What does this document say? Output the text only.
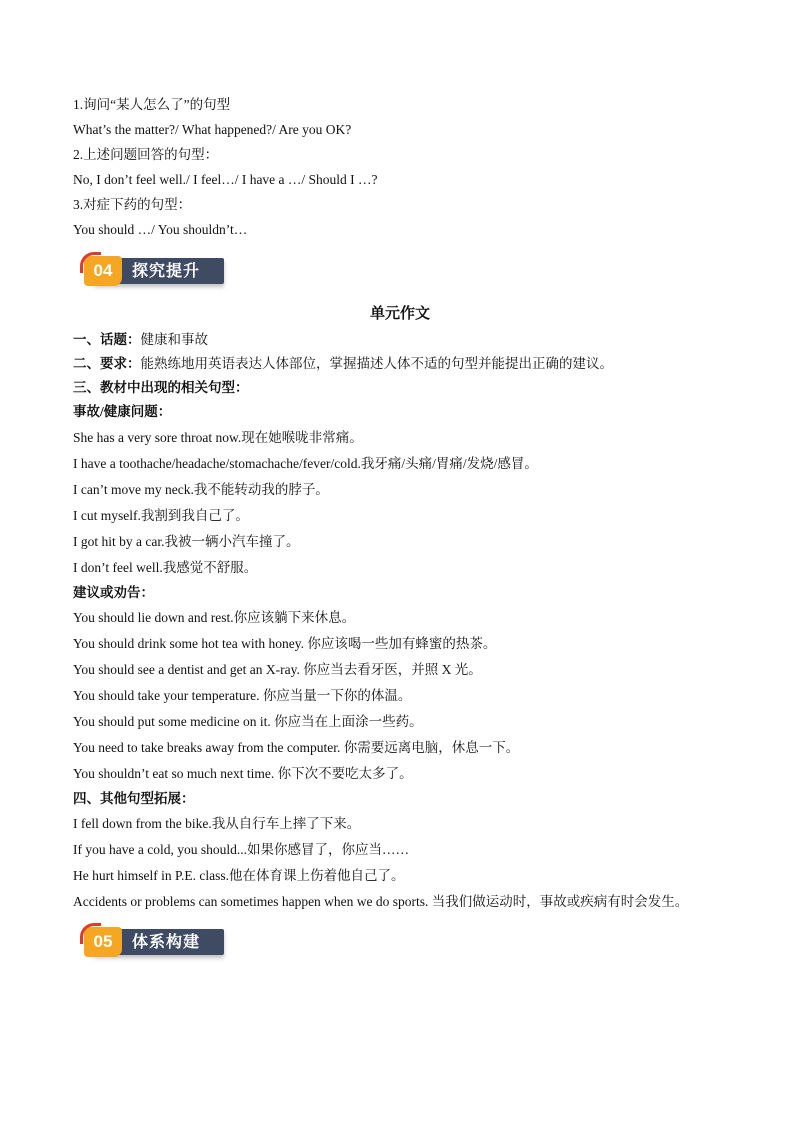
1.询问“某人怎么了”的句型
What’s the matter?/ What happened?/ Are you OK?
2.上述问题回答的句型：
No, I don’t feel well./ I feel…/ I have a …/ Should I …?
3.对症下药的句型：
You should …/ You shouldn’t…
04	探究提升
单元作文
一、话题：健康和事故
二、要求：能熟练地用英语表达人体部位，掌握描述人体不适的句型并能提出正确的建议。
三、教材中出现的相关句型：
事故/健康问题：
She has a very sore throat now.现在她喉咙非常痛。
I have a toothache/headache/stomachache/fever/cold.我牙痛/头痛/胃痛/发烧/感冒。
I can’t move my neck.我不能转动我的脖子。
I cut myself.我割到我自己了。
I got hit by a car.我被一辆小汽车撞了。
I don’t feel well.我感觉不舒服。
建议或劝告：
You should lie down and rest.你应该躺下来休息。
You should drink some hot tea with honey. 你应该喝一些加有蜂蜜的热茶。
You should see a dentist and get an X-ray. 你应当去看牙医，并照 X 光。
You should take your temperature. 你应当量一下你的体温。
You should put some medicine on it. 你应当在上面涂一些药。
You need to take breaks away from the computer. 你需要远离电脑，休息一下。
You shouldn’t eat so much next time. 你下次不要吃太多了。
四、其他句型拓展：
I fell down from the bike.我从自行车上摔了下来。
If you have a cold, you should...如果你感冒了，你应当……
He hurt himself in P.E. class.他在体育课上伤着他自己了。
Accidents or problems can sometimes happen when we do sports. 当我们做运动时，事故或疾病有时会发生。
05	体系构建
